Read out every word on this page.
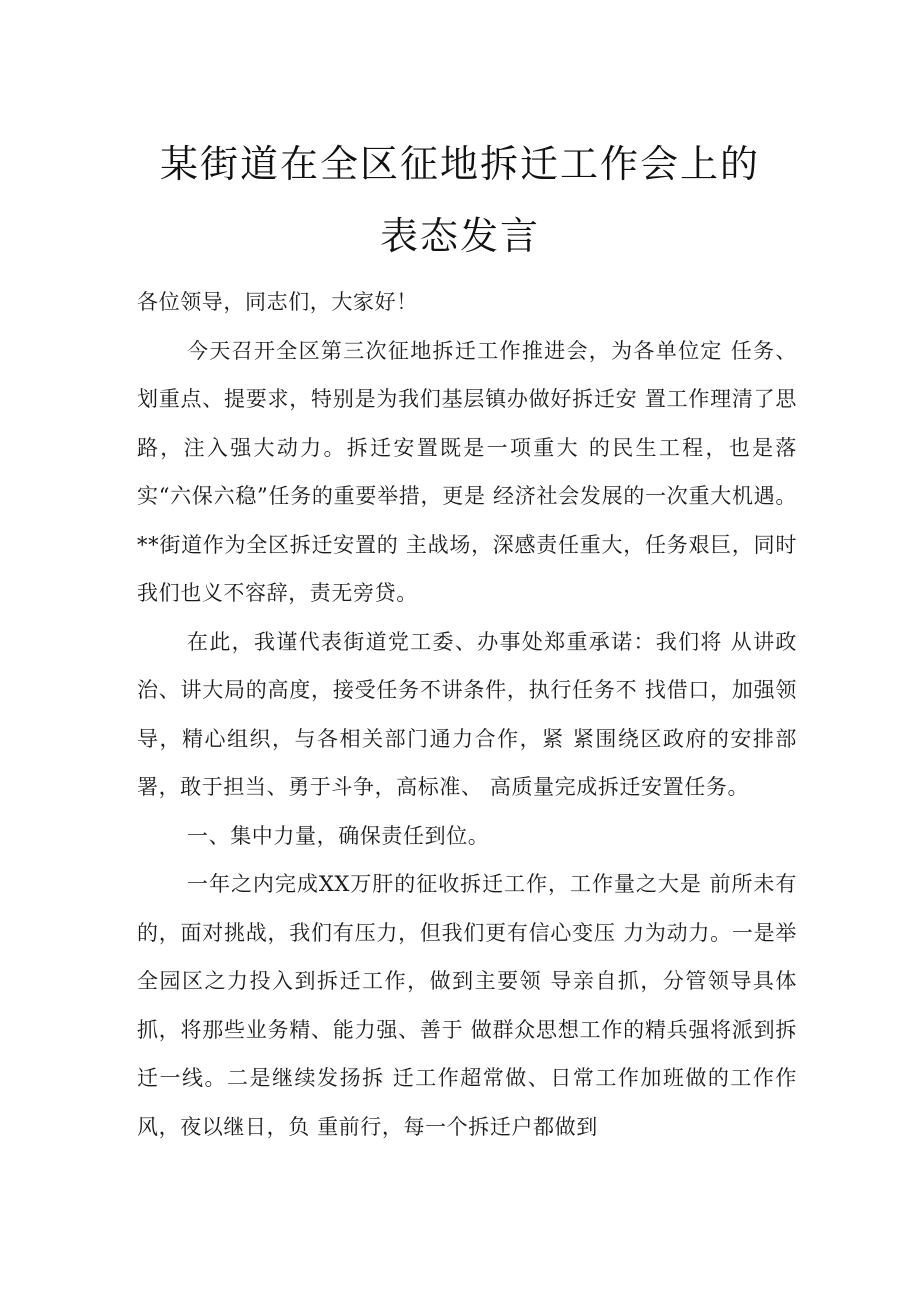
某街道在全区征地拆迁工作会上的
表态发言

各位领导，同志们，大家好！

今天召开全区第三次征地拆迁工作推进会，为各单位定 任务、划重点、提要求，特别是为我们基层镇办做好拆迁安 置工作理清了思路，注入强大动力。拆迁安置既是一项重大 的民生工程，也是落实“六保六稳”任务的重要举措，更是 经济社会发展的一次重大机遇。**街道作为全区拆迁安置的 主战场，深感责任重大，任务艰巨，同时我们也义不容辞，责无旁贷。

在此，我谨代表街道党工委、办事处郑重承诺：我们将 从讲政治、讲大局的高度，接受任务不讲条件，执行任务不 找借口，加强领导，精心组织，与各相关部门通力合作，紧 紧围绕区政府的安排部署，敢于担当、勇于斗争，高标准、 高质量完成拆迁安置任务。

一、集中力量，确保责任到位。

一年之内完成XX万肝的征收拆迁工作，工作量之大是 前所未有的，面对挑战，我们有压力，但我们更有信心变压 力为动力。一是举全园区之力投入到拆迁工作，做到主要领 导亲自抓，分管领导具体抓，将那些业务精、能力强、善于 做群众思想工作的精兵强将派到拆迁一线。二是继续发扬拆 迁工作超常做、日常工作加班做的工作作风，夜以继日，负 重前行，每一个拆迁户都做到
